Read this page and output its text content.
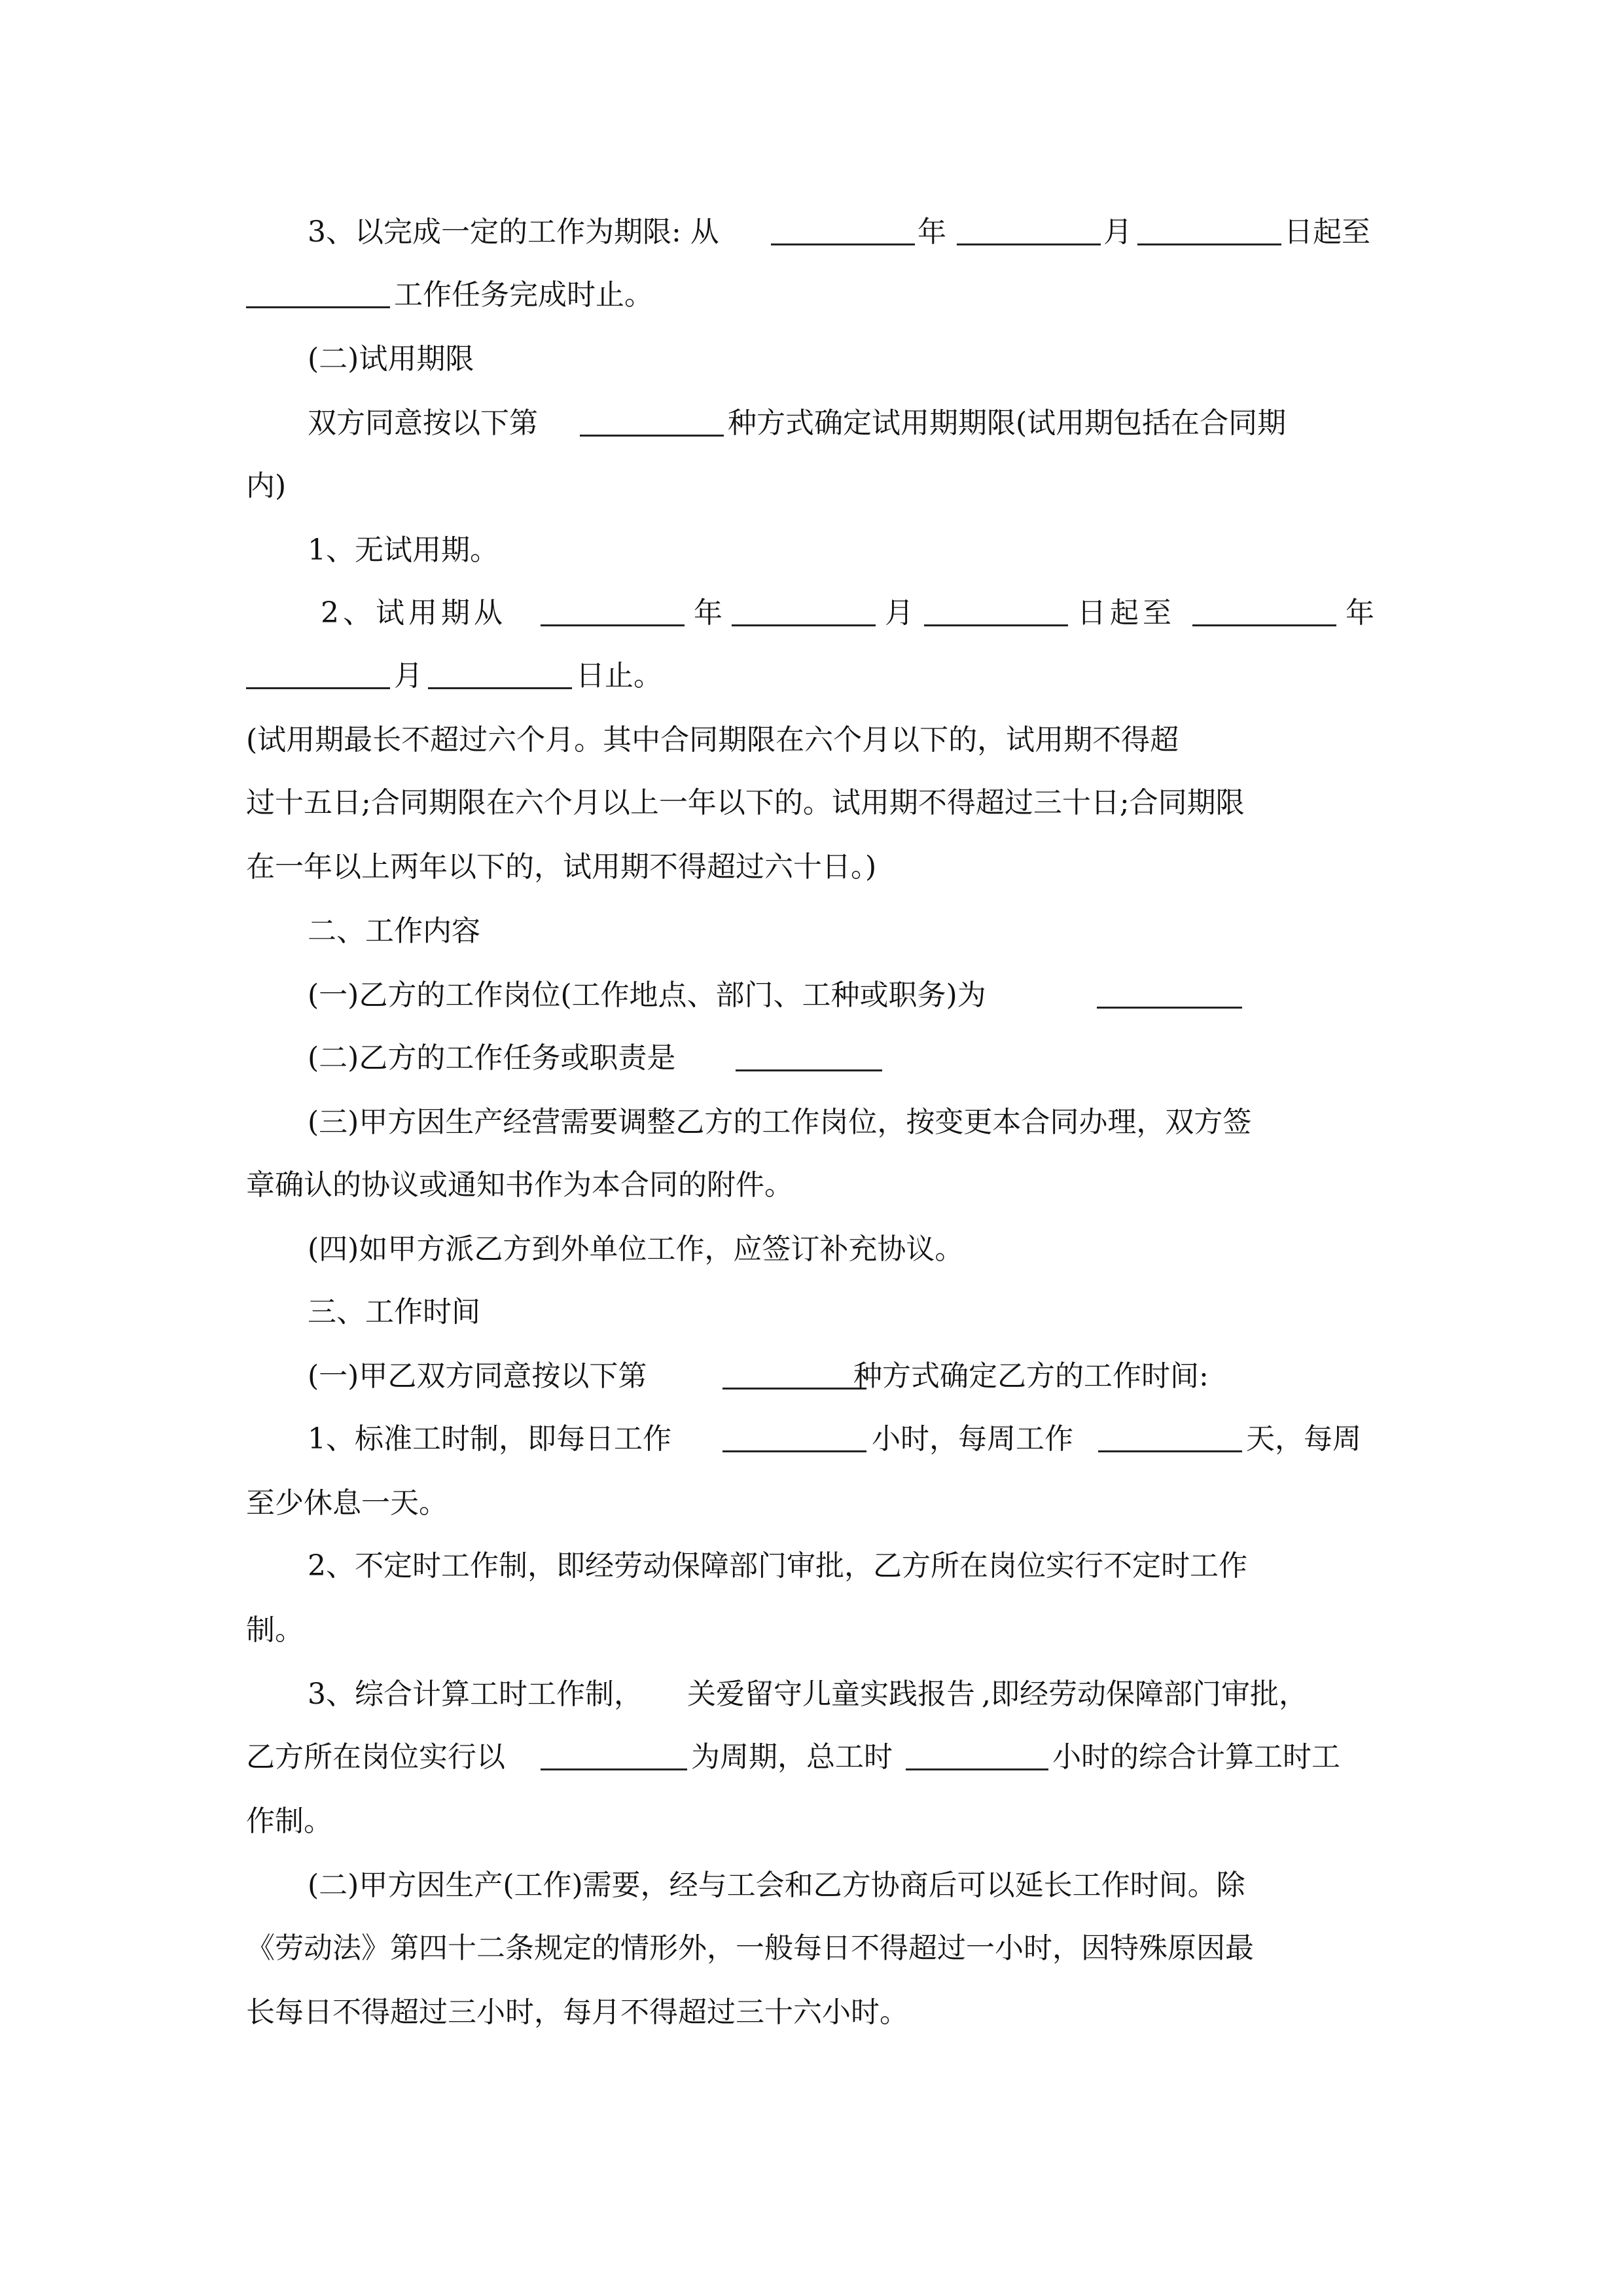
3、以完成一定的工作为期限: 从	年	月	日起至
工作任务完成时止。
(二)试用期限
双方同意按以下第	种方式确定试用期期限(试用期包括在合同期
内)
1、无试用期。
2、试用期从	年	月	日起至	年
月	日止。
(试用期最长不超过六个月。其中合同期限在六个月以下的，试用期不得超
过十五日;合同期限在六个月以上一年以下的。试用期不得超过三十日;合同期限
在一年以上两年以下的，试用期不得超过六十日。)
二、工作内容
(一)乙方的工作岗位(工作地点、部门、工种或职务)为
(二)乙方的工作任务或职责是
(三)甲方因生产经营需要调整乙方的工作岗位，按变更本合同办理，双方签
章确认的协议或通知书作为本合同的附件。
(四)如甲方派乙方到外单位工作，应签订补充协议。
三、工作时间
(一)甲乙双方同意按以下第	种方式确定乙方的工作时间:
1、标准工时制，即每日工作	小时，每周工作	天，每周
至少休息一天。
2、不定时工作制，即经劳动保障部门审批，乙方所在岗位实行不定时工作
制。
3、综合计算工时工作制， 关爱留守儿童实践报告 ,即经劳动保障部门审批，
乙方所在岗位实行以	为周期，总工时	小时的综合计算工时工
作制。
(二)甲方因生产(工作)需要，经与工会和乙方协商后可以延长工作时间。除
《劳动法》第四十二条规定的情形外，一般每日不得超过一小时，因特殊原因最
长每日不得超过三小时，每月不得超过三十六小时。
